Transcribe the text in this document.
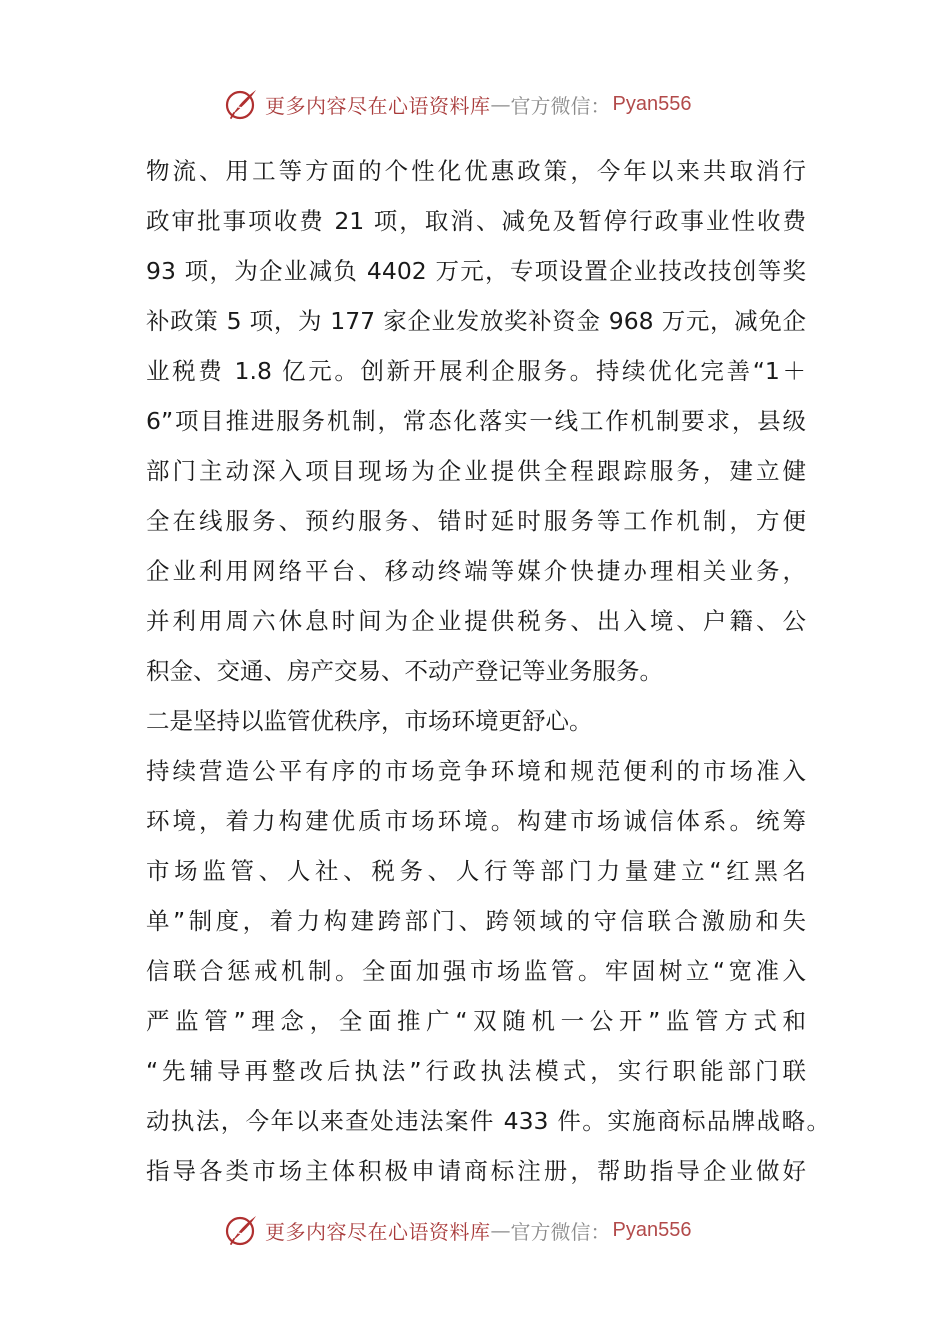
更多内容尽在心语资料库 — 官方微信： Pyan556
物流、用工等方面的个性化优惠政策，今年以来共取消行
政审批事项收费 21 项，取消、减免及暂停行政事业性收费
93 项，为企业减负 4402 万元，专项设置企业技改技创等奖
补政策 5 项，为 177 家企业发放奖补资金 968 万元，减免企
业税费 1.8 亿元。创新开展利企服务。持续优化完善“1＋
6”项目推进服务机制，常态化落实一线工作机制要求，县级
部门主动深入项目现场为企业提供全程跟踪服务，建立健
全在线服务、预约服务、错时延时服务等工作机制，方便
企业利用网络平台、移动终端等媒介快捷办理相关业务，
并利用周六休息时间为企业提供税务、出入境、户籍、公
积金、交通、房产交易、不动产登记等业务服务。
二是坚持以监管优秩序，市场环境更舒心。
持续营造公平有序的市场竞争环境和规范便利的市场准入
环境，着力构建优质市场环境。构建市场诚信体系。统筹
市场监管、人社、税务、人行等部门力量建立“红黑名
单”制度，着力构建跨部门、跨领域的守信联合激励和失
信联合惩戒机制。全面加强市场监管。牢固树立“宽准入
严监管”理念，全面推广“双随机一公开”监管方式和
“先辅导再整改后执法”行政执法模式，实行职能部门联
动执法，今年以来查处违法案件 433 件。实施商标品牌战略。
指导各类市场主体积极申请商标注册，帮助指导企业做好
更多内容尽在心语资料库 — 官方微信： Pyan556
